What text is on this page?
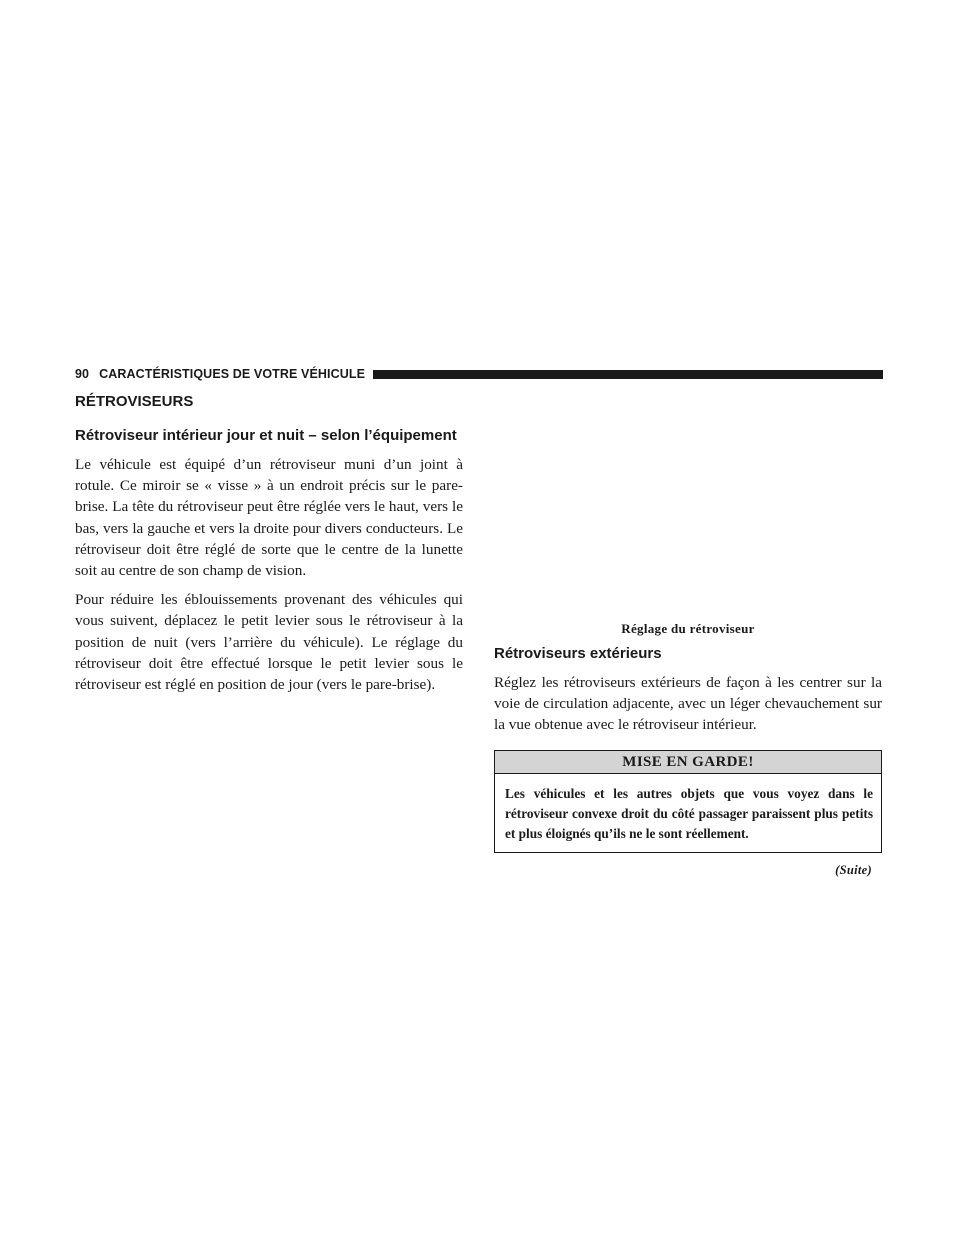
90 CARACTÉRISTIQUES DE VOTRE VÉHICULE
RÉTROVISEURS
Rétroviseur intérieur jour et nuit – selon l’équipement

Le véhicule est équipé d’un rétroviseur muni d’un joint à rotule. Ce miroir se « visse » à un endroit précis sur le pare-brise. La tête du rétroviseur peut être réglée vers le haut, vers le bas, vers la gauche et vers la droite pour divers conducteurs. Le rétroviseur doit être réglé de sorte que le centre de la lunette soit au centre de son champ de vision.

Pour réduire les éblouissements provenant des véhicules qui vous suivent, déplacez le petit levier sous le rétroviseur à la position de nuit (vers l’arrière du véhicule). Le réglage du rétroviseur doit être effectué lorsque le petit levier sous le rétroviseur est réglé en position de jour (vers le pare-brise).

Réglage du rétroviseur
Rétroviseurs extérieurs

Réglez les rétroviseurs extérieurs de façon à les centrer sur la voie de circulation adjacente, avec un léger chevauchement sur la vue obtenue avec le rétroviseur intérieur.

MISE EN GARDE!
Les véhicules et les autres objets que vous voyez dans le rétroviseur convexe droit du côté passager paraissent plus petits et plus éloignés qu’ils ne le sont réellement.
(Suite)
